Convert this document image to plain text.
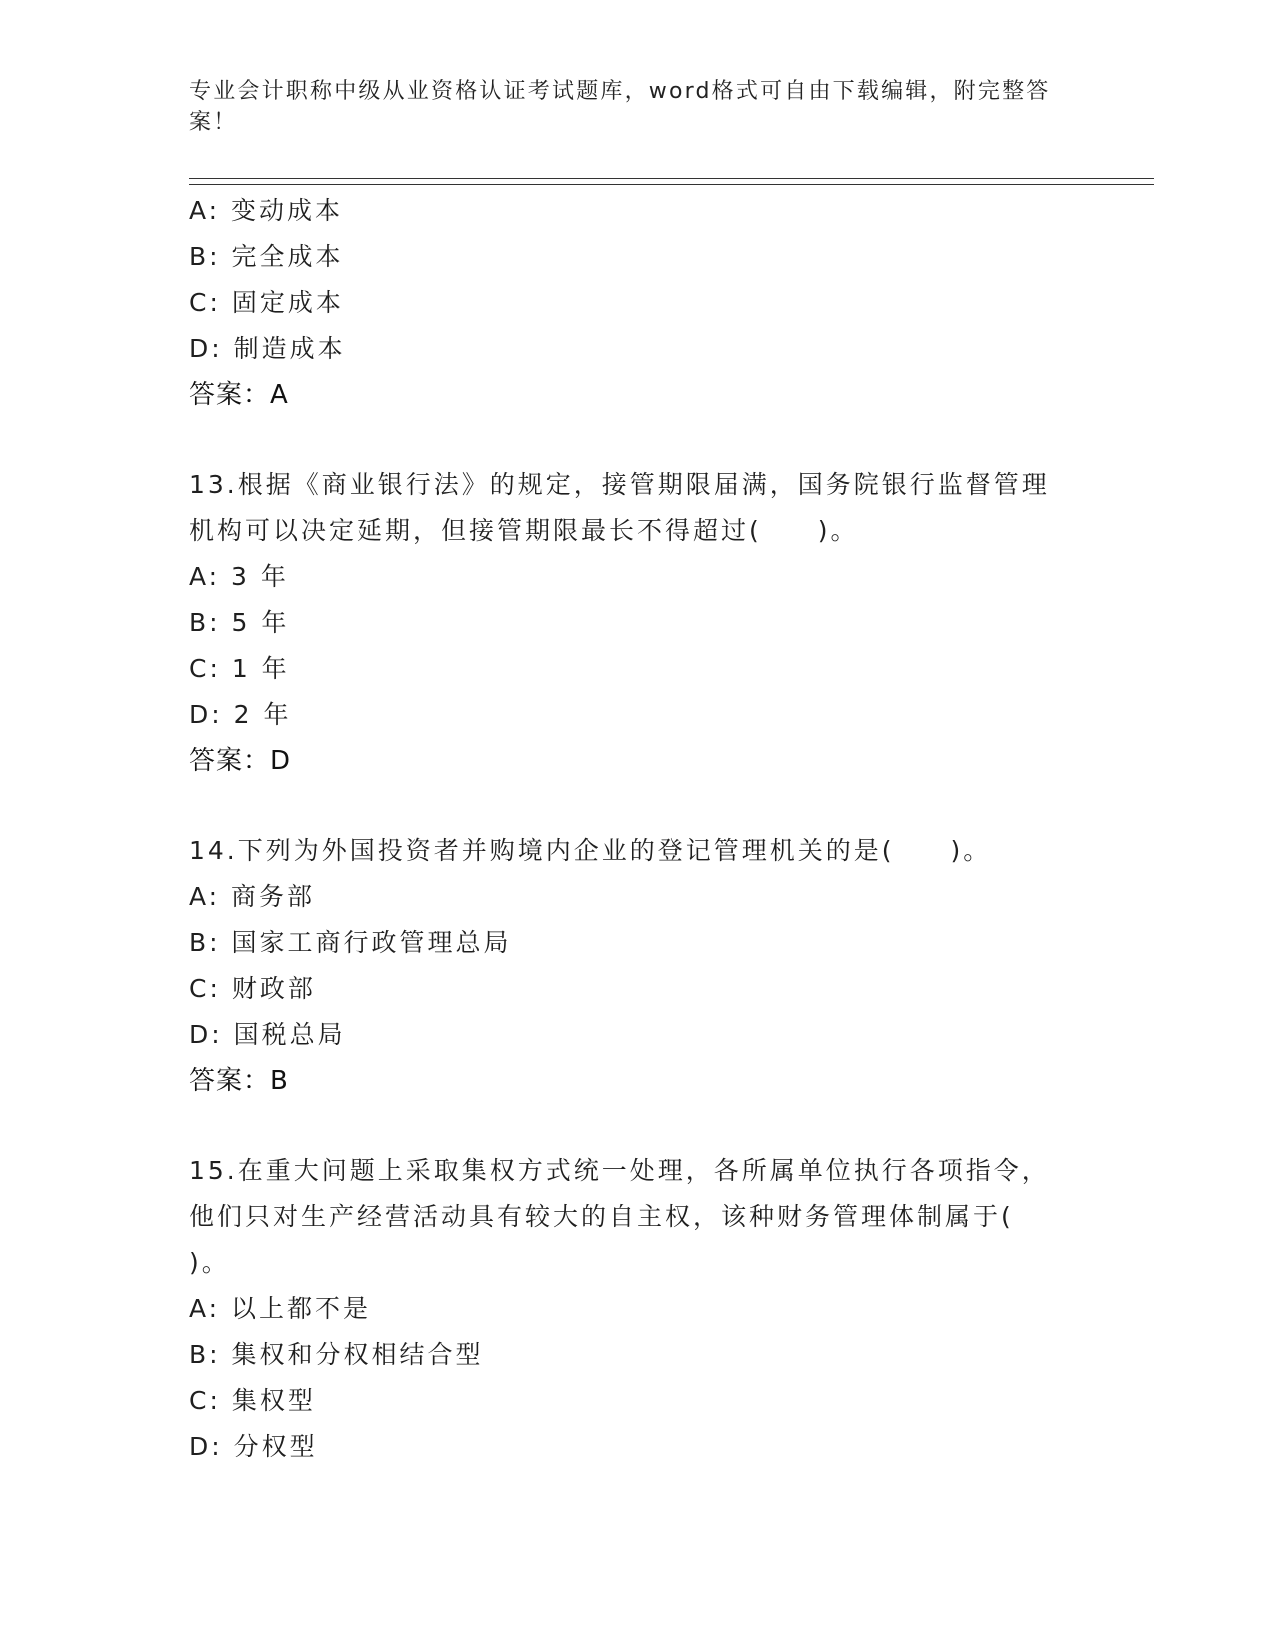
专业会计职称中级从业资格认证考试题库，word格式可自由下载编辑，附完整答
案！
A: 变动成本
B: 完全成本
C: 固定成本
D: 制造成本
答案：A
13.根据《商业银行法》的规定，接管期限届满，国务院银行监督管理
机构可以决定延期，但接管期限最长不得超过(　　)。
A: 3 年
B: 5 年
C: 1 年
D: 2 年
答案：D
14.下列为外国投资者并购境内企业的登记管理机关的是(　　)。
A: 商务部
B: 国家工商行政管理总局
C: 财政部
D: 国税总局
答案：B
15.在重大问题上采取集权方式统一处理，各所属单位执行各项指令，
他们只对生产经营活动具有较大的自主权，该种财务管理体制属于(
)。
A: 以上都不是
B: 集权和分权相结合型
C: 集权型
D: 分权型
